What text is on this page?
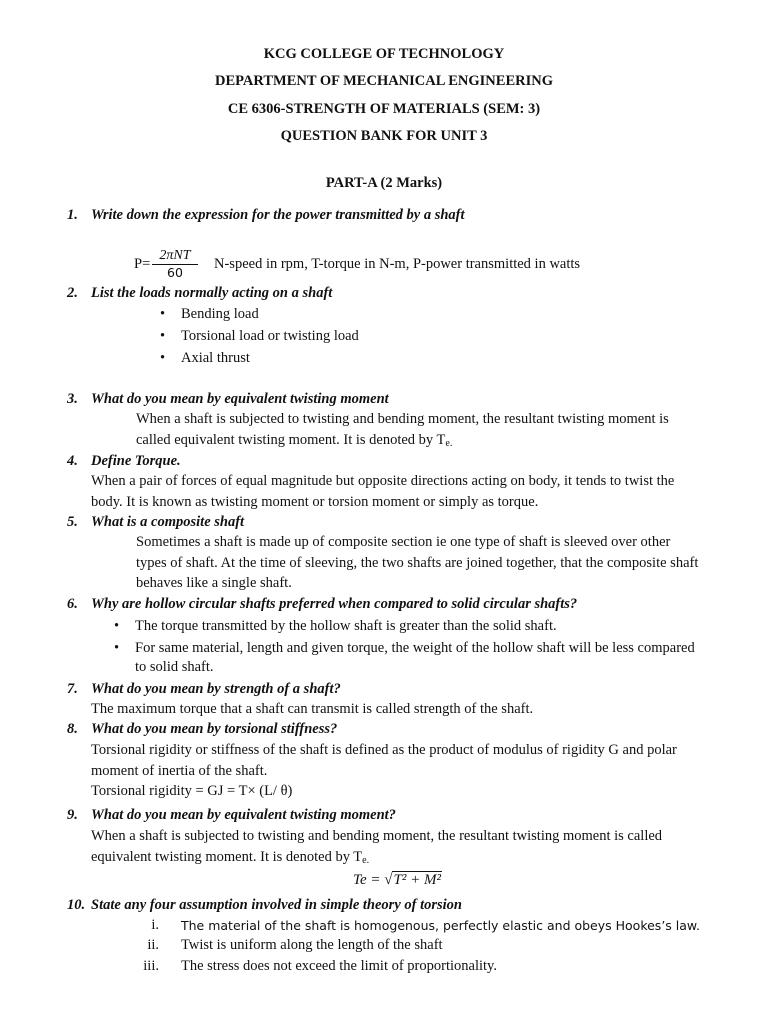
KCG COLLEGE OF TECHNOLOGY
DEPARTMENT OF MECHANICAL ENGINEERING
CE 6306-STRENGTH OF MATERIALS (SEM: 3)
QUESTION BANK FOR UNIT 3
PART-A (2 Marks)
1. Write down the expression for the power transmitted by a shaft
P=
2πNT
60
N-speed in rpm, T-torque in N-m, P-power transmitted in watts
2. List the loads normally acting on a shaft
• Bending load
• Torsional load or twisting load
• Axial thrust
3. What do you mean by equivalent twisting moment
When a shaft is subjected to twisting and bending moment, the resultant twisting moment is
called equivalent twisting moment. It is denoted by $T_{e.}$
4. Define Torque.
When a pair of forces of equal magnitude but opposite directions acting on body, it tends to twist the
body. It is known as twisting moment or torsion moment or simply as torque.
5. What is a composite shaft
Sometimes a shaft is made up of composite section ie one type of shaft is sleeved over other
types of shaft. At the time of sleeving, the two shafts are joined together, that the composite shaft
behaves like a single shaft.
6. Why are hollow circular shafts preferred when compared to solid circular shafts?
• The torque transmitted by the hollow shaft is greater than the solid shaft.
• For same material, length and given torque, the weight of the hollow shaft will be less compared
to solid shaft.
7. What do you mean by strength of a shaft?
The maximum torque that a shaft can transmit is called strength of the shaft.
8. What do you mean by torsional stiffness?
Torsional rigidity or stiffness of the shaft is defined as the product of modulus of rigidity G and polar
moment of inertia of the shaft.
Torsional rigidity = GJ = T× (L/ θ)
9. What do you mean by equivalent twisting moment?
When a shaft is subjected to twisting and bending moment, the resultant twisting moment is called
equivalent twisting moment. It is denoted by $T_{e.}$
Te = √T² + M²
10. State any four assumption involved in simple theory of torsion
i. The material of the shaft is homogenous, perfectly elastic and obeys Hookes’s law.
ii. Twist is uniform along the length of the shaft
iii. The stress does not exceed the limit of proportionality.
